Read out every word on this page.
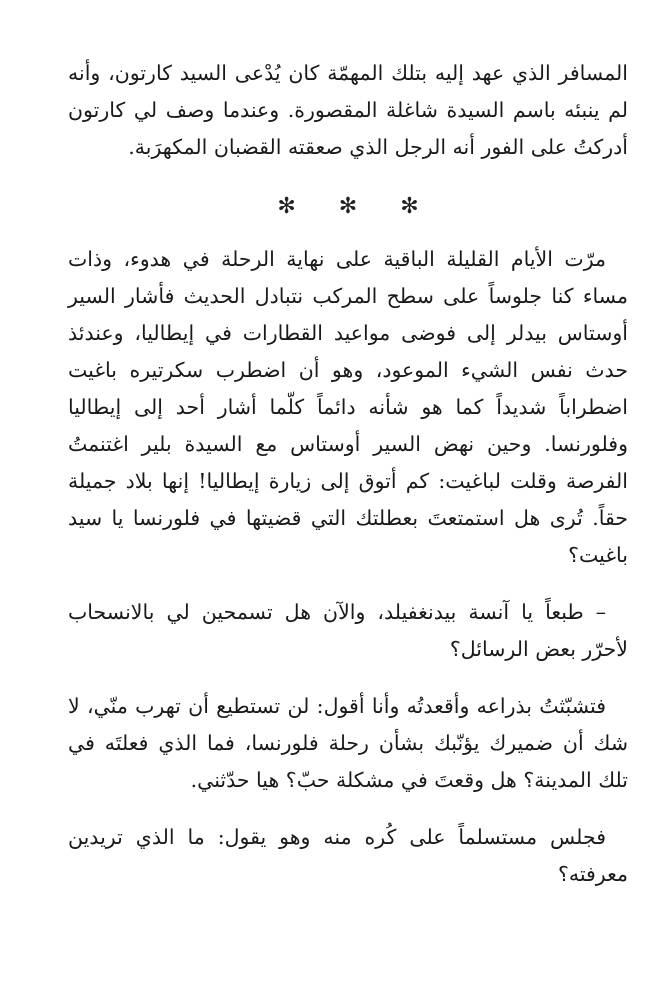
المسافر الذي عهد إليه بتلك المهمّة كان يُدْعى السيد كارتون، وأنه لم ينبئه باسم السيدة شاغلة المقصورة. وعندما وصف لي كارتون أدركتُ على الفور أنه الرجل الذي صعقته القضبان المكهرَبة.

✻ ✻ ✻

مرّت الأيام القليلة الباقية على نهاية الرحلة في هدوء، وذات مساء كنا جلوساً على سطح المركب نتبادل الحديث فأشار السير أوستاس بيدلر إلى فوضى مواعيد القطارات في إيطاليا، وعندئذ حدث نفس الشيء الموعود، وهو أن اضطرب سكرتيره باغيت اضطراباً شديداً كما هو شأنه دائماً كلّما أشار أحد إلى إيطاليا وفلورنسا. وحين نهض السير أوستاس مع السيدة بلير اغتنمتُ الفرصة وقلت لباغيت: كم أتوق إلى زيارة إيطاليا! إنها بلاد جميلة حقاً. تُرى هل استمتعتَ بعطلتك التي قضيتها في فلورنسا يا سيد باغيت؟

– طبعاً يا آنسة بيدنغفيلد، والآن هل تسمحين لي بالانسحاب لأحرّر بعض الرسائل؟

فتشبّثتُ بذراعه وأقعدتُه وأنا أقول: لن تستطيع أن تهرب منّي، لا شك أن ضميرك يؤنّبك بشأن رحلة فلورنسا، فما الذي فعلتَه في تلك المدينة؟ هل وقعتَ في مشكلة حبّ؟ هيا حدّثني.

فجلس مستسلماً على كُره منه وهو يقول: ما الذي تريدين معرفته؟
